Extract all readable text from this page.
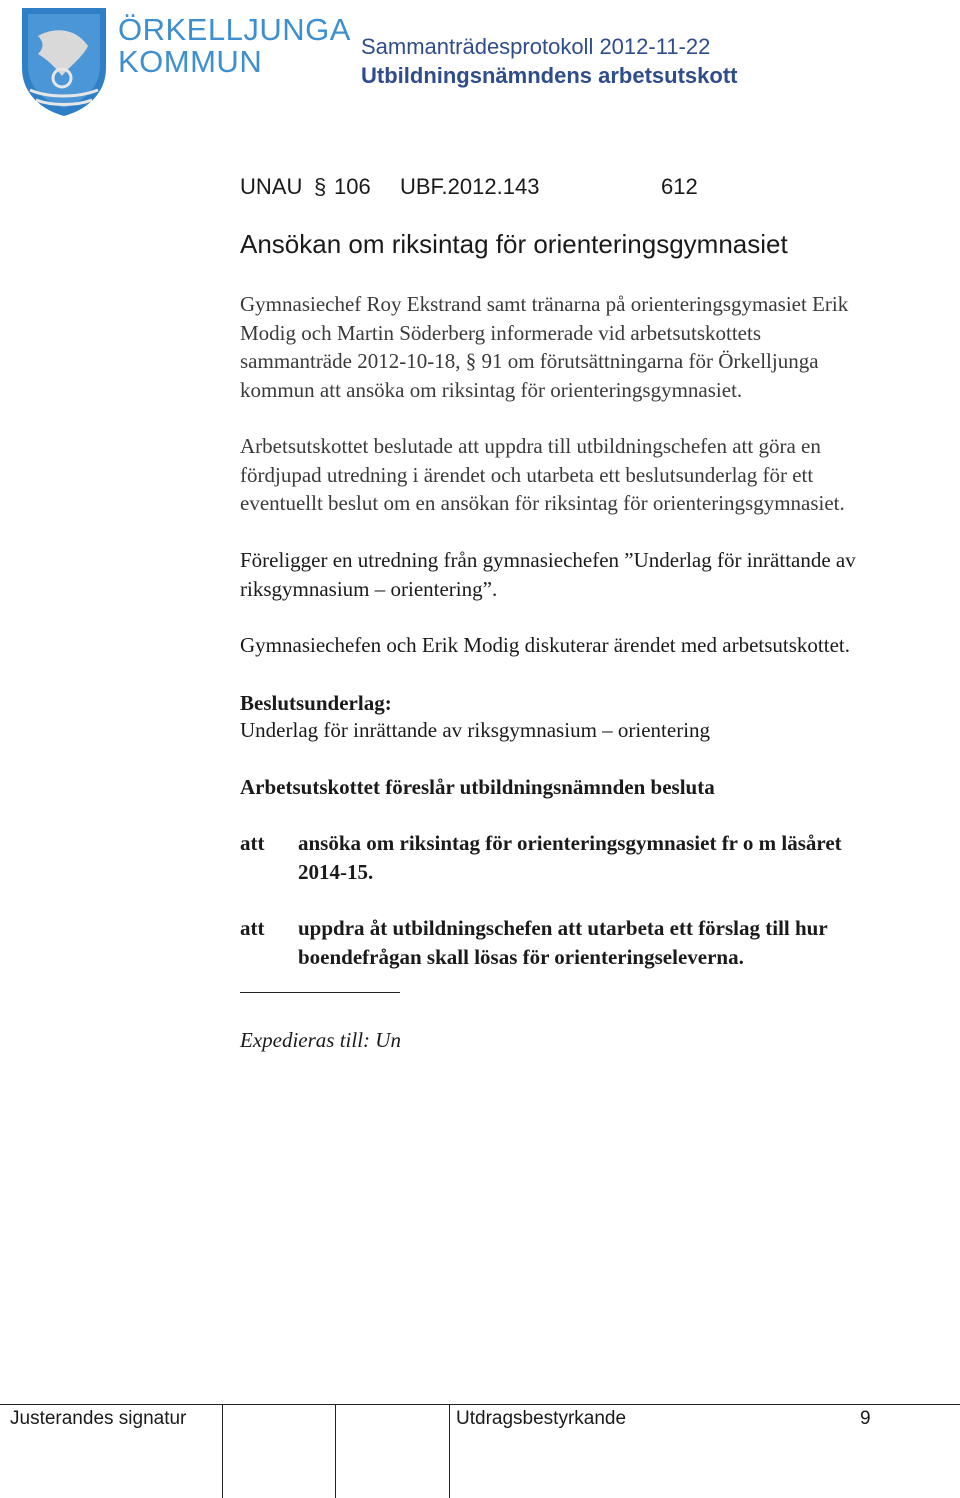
ÖRKELLJUNGA
KOMMUN	Sammanträdesprotokoll 2012-11-22
Utbildningsnämndens arbetsutskott
UNAU § 106 UBF.2012.143	612
Ansökan om riksintag för orienteringsgymnasiet
Gymnasiechef Roy Ekstrand samt tränarna på orienteringsgymasiet Erik
Modig och Martin Söderberg informerade vid arbetsutskottets
sammanträde 2012-10-18, § 91 om förutsättningarna för Örkelljunga
kommun att ansöka om riksintag för orienteringsgymnasiet.
Arbetsutskottet beslutade att uppdra till utbildningschefen att göra en
fördjupad utredning i ärendet och utarbeta ett beslutsunderlag för ett
eventuellt beslut om en ansökan för riksintag för orienteringsgymnasiet.
Föreligger en utredning från gymnasiechefen ”Underlag för inrättande av
riksgymnasium – orientering”.
Gymnasiechefen och Erik Modig diskuterar ärendet med arbetsutskottet.
Beslutsunderlag:
Underlag för inrättande av riksgymnasium – orientering
Arbetsutskottet föreslår utbildningsnämnden besluta
att ansöka om riksintag för orienteringsgymnasiet fr o m läsåret
2014-15.
att uppdra åt utbildningschefen att utarbeta ett förslag till hur
boendefrågan skall lösas för orienteringseleverna.
Expedieras till: Un
Justerandes signatur	Utdragsbestyrkande	9
